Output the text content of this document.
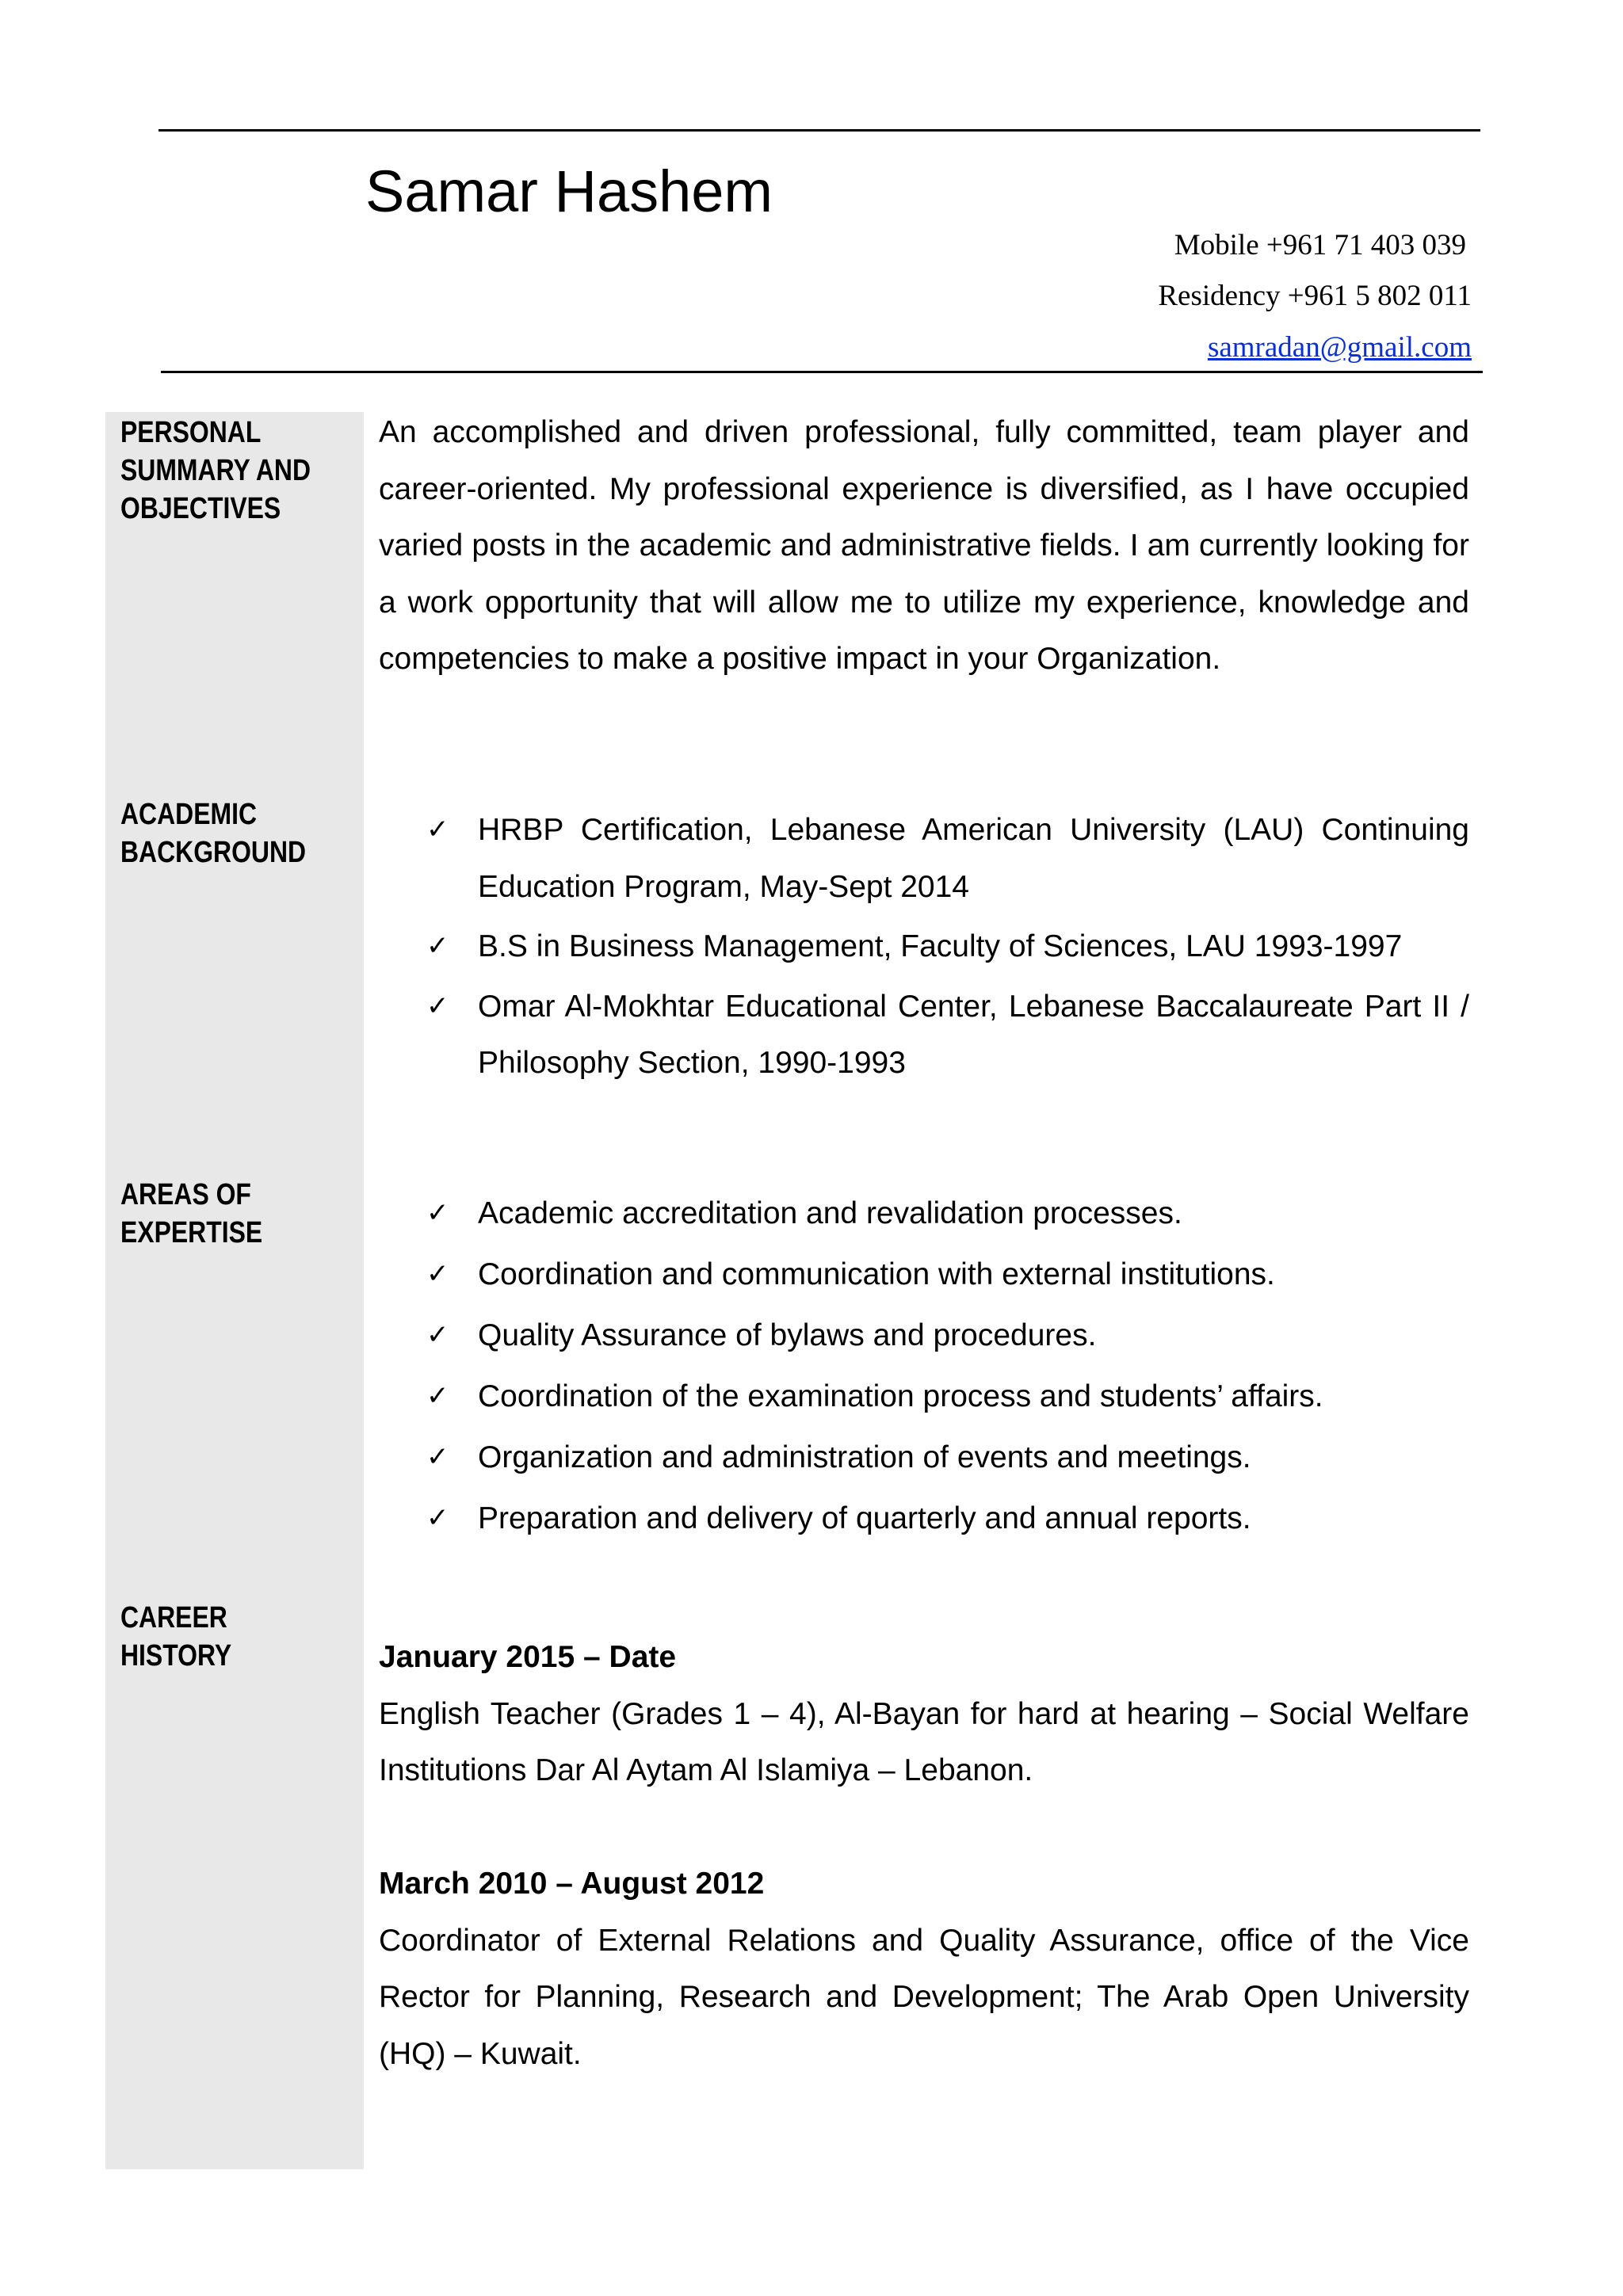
Samar Hashem
Mobile +961 71 403 039
Residency +961 5 802 011
samradan@gmail.com
PERSONAL
SUMMARY AND
OBJECTIVES
An accomplished and driven professional, fully committed, team player and career-oriented. My professional experience is diversified, as I have occupied varied posts in the academic and administrative fields. I am currently looking for a work opportunity that will allow me to utilize my experience, knowledge and competencies to make a positive impact in your Organization.
ACADEMIC
BACKGROUND
✓ HRBP Certification, Lebanese American University (LAU) Continuing Education Program, May-Sept 2014
✓ B.S in Business Management, Faculty of Sciences, LAU 1993-1997
✓ Omar Al-Mokhtar Educational Center, Lebanese Baccalaureate Part II / Philosophy Section, 1990-1993
AREAS OF
EXPERTISE
✓ Academic accreditation and revalidation processes.
✓ Coordination and communication with external institutions.
✓ Quality Assurance of bylaws and procedures.
✓ Coordination of the examination process and students’ affairs.
✓ Organization and administration of events and meetings.
✓ Preparation and delivery of quarterly and annual reports.
CAREER
HISTORY	January 2015 – Date
English Teacher (Grades 1 – 4), Al-Bayan for hard at hearing – Social Welfare Institutions Dar Al Aytam Al Islamiya – Lebanon.
March 2010 – August 2012
Coordinator of External Relations and Quality Assurance, office of the Vice Rector for Planning, Research and Development; The Arab Open University (HQ) – Kuwait.
